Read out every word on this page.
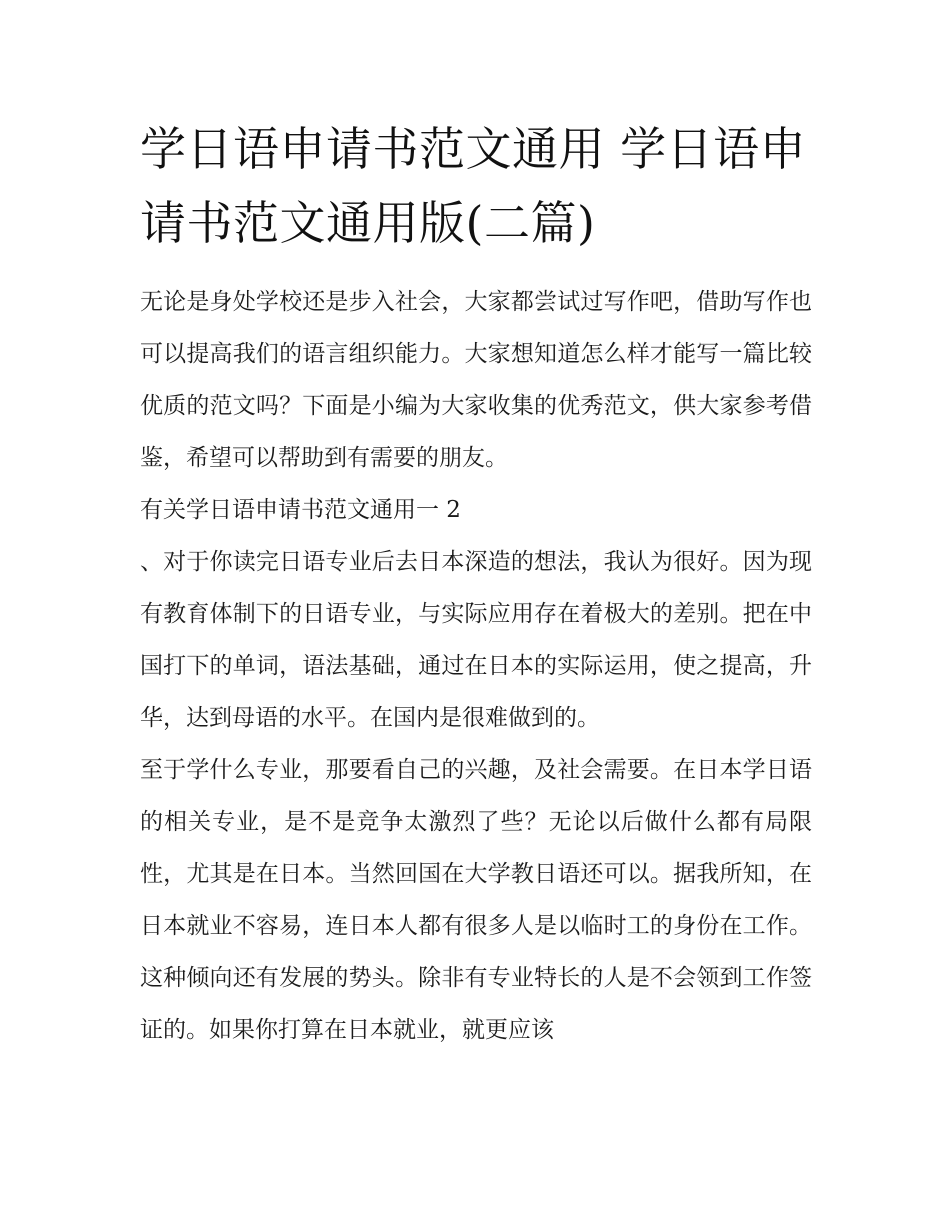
学日语申请书范文通用 学日语申请书范文通用版(二篇)

无论是身处学校还是步入社会，大家都尝试过写作吧，借助写作也可以提高我们的语言组织能力。大家想知道怎么样才能写一篇比较优质的范文吗？下面是小编为大家收集的优秀范文，供大家参考借鉴，希望可以帮助到有需要的朋友。

有关学日语申请书范文通用一 2

、对于你读完日语专业后去日本深造的想法，我认为很好。因为现有教育体制下的日语专业，与实际应用存在着极大的差别。把在中国打下的单词，语法基础，通过在日本的实际运用，使之提高，升华，达到母语的水平。在国内是很难做到的。

至于学什么专业，那要看自己的兴趣，及社会需要。在日本学日语的相关专业，是不是竞争太激烈了些？无论以后做什么都有局限性，尤其是在日本。当然回国在大学教日语还可以。据我所知，在日本就业不容易，连日本人都有很多人是以临时工的身份在工作。这种倾向还有发展的势头。除非有专业特长的人是不会领到工作签证的。如果你打算在日本就业，就更应该
